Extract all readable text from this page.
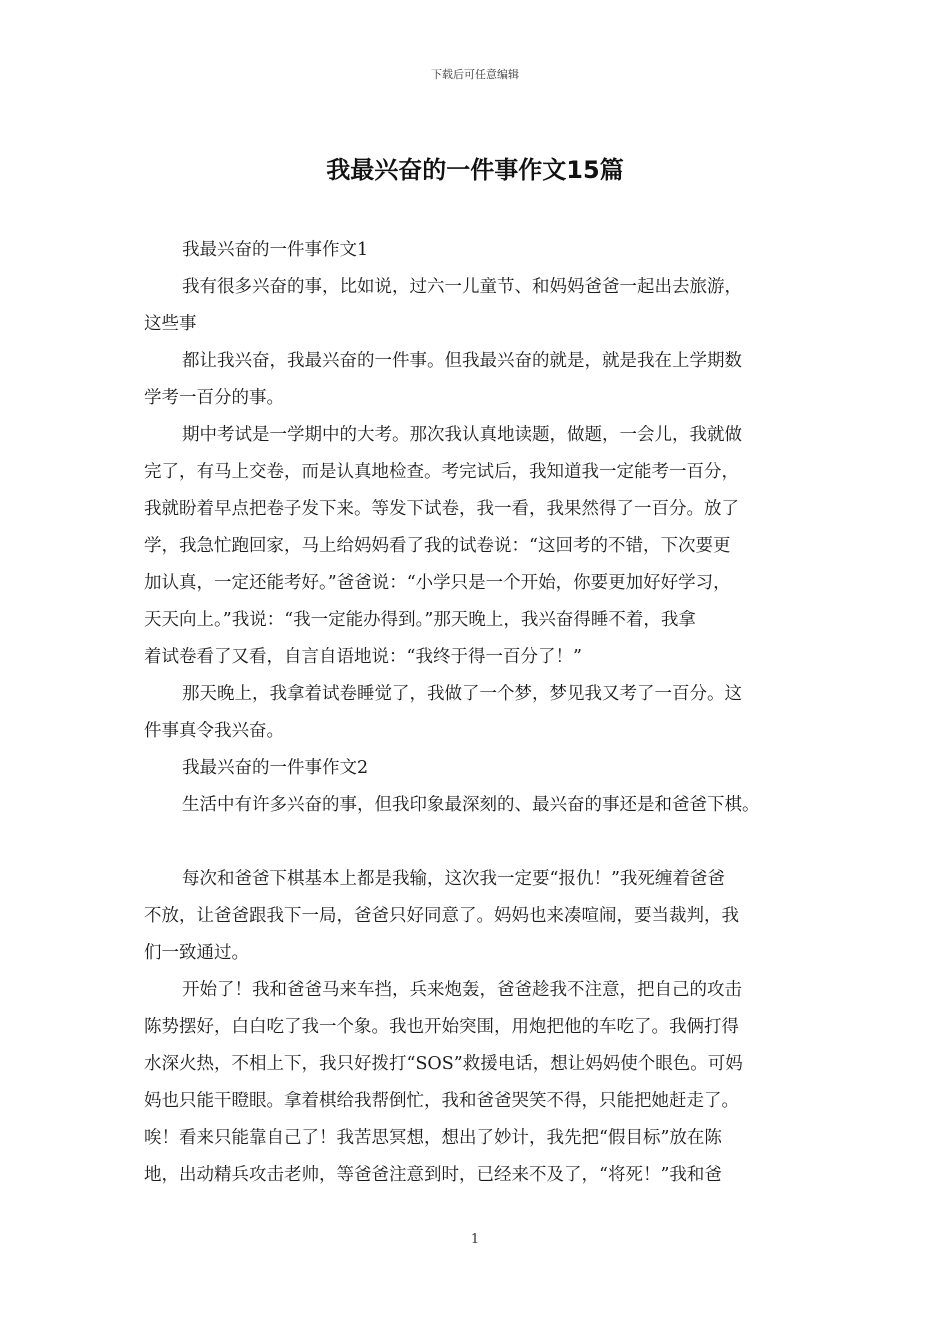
下载后可任意编辑
我最兴奋的一件事作文15篇

我最兴奋的一件事作文1

我有很多兴奋的事，比如说，过六一儿童节、和妈妈爸爸一起出去旅游，
这些事

都让我兴奋，我最兴奋的一件事。但我最兴奋的就是，就是我在上学期数
学考一百分的事。

期中考试是一学期中的大考。那次我认真地读题，做题，一会儿，我就做
完了，有马上交卷，而是认真地检查。考完试后，我知道我一定能考一百分，
我就盼着早点把卷子发下来。等发下试卷，我一看，我果然得了一百分。放了
学，我急忙跑回家，马上给妈妈看了我的试卷说：“这回考的不错，下次要更
加认真，一定还能考好。”爸爸说：“小学只是一个开始，你要更加好好学习，
天天向上。”我说：“我一定能办得到。”那天晚上，我兴奋得睡不着，我拿
着试卷看了又看，自言自语地说：“我终于得一百分了！”

那天晚上，我拿着试卷睡觉了，我做了一个梦，梦见我又考了一百分。这
件事真令我兴奋。

我最兴奋的一件事作文2

生活中有许多兴奋的事，但我印象最深刻的、最兴奋的事还是和爸爸下棋。

每次和爸爸下棋基本上都是我输，这次我一定要“报仇！”我死缠着爸爸
不放，让爸爸跟我下一局，爸爸只好同意了。妈妈也来凑喧闹，要当裁判，我
们一致通过。

开始了！我和爸爸马来车挡，兵来炮轰，爸爸趁我不注意，把自己的攻击
陈势摆好，白白吃了我一个象。我也开始突围，用炮把他的车吃了。我俩打得
水深火热，不相上下，我只好拨打“SOS”救援电话，想让妈妈使个眼色。可妈
妈也只能干瞪眼。拿着棋给我帮倒忙，我和爸爸哭笑不得，只能把她赶走了。
唉！看来只能靠自己了！我苦思冥想，想出了妙计，我先把“假目标”放在陈
地，出动精兵攻击老帅，等爸爸注意到时，已经来不及了，“将死！”我和爸

1
